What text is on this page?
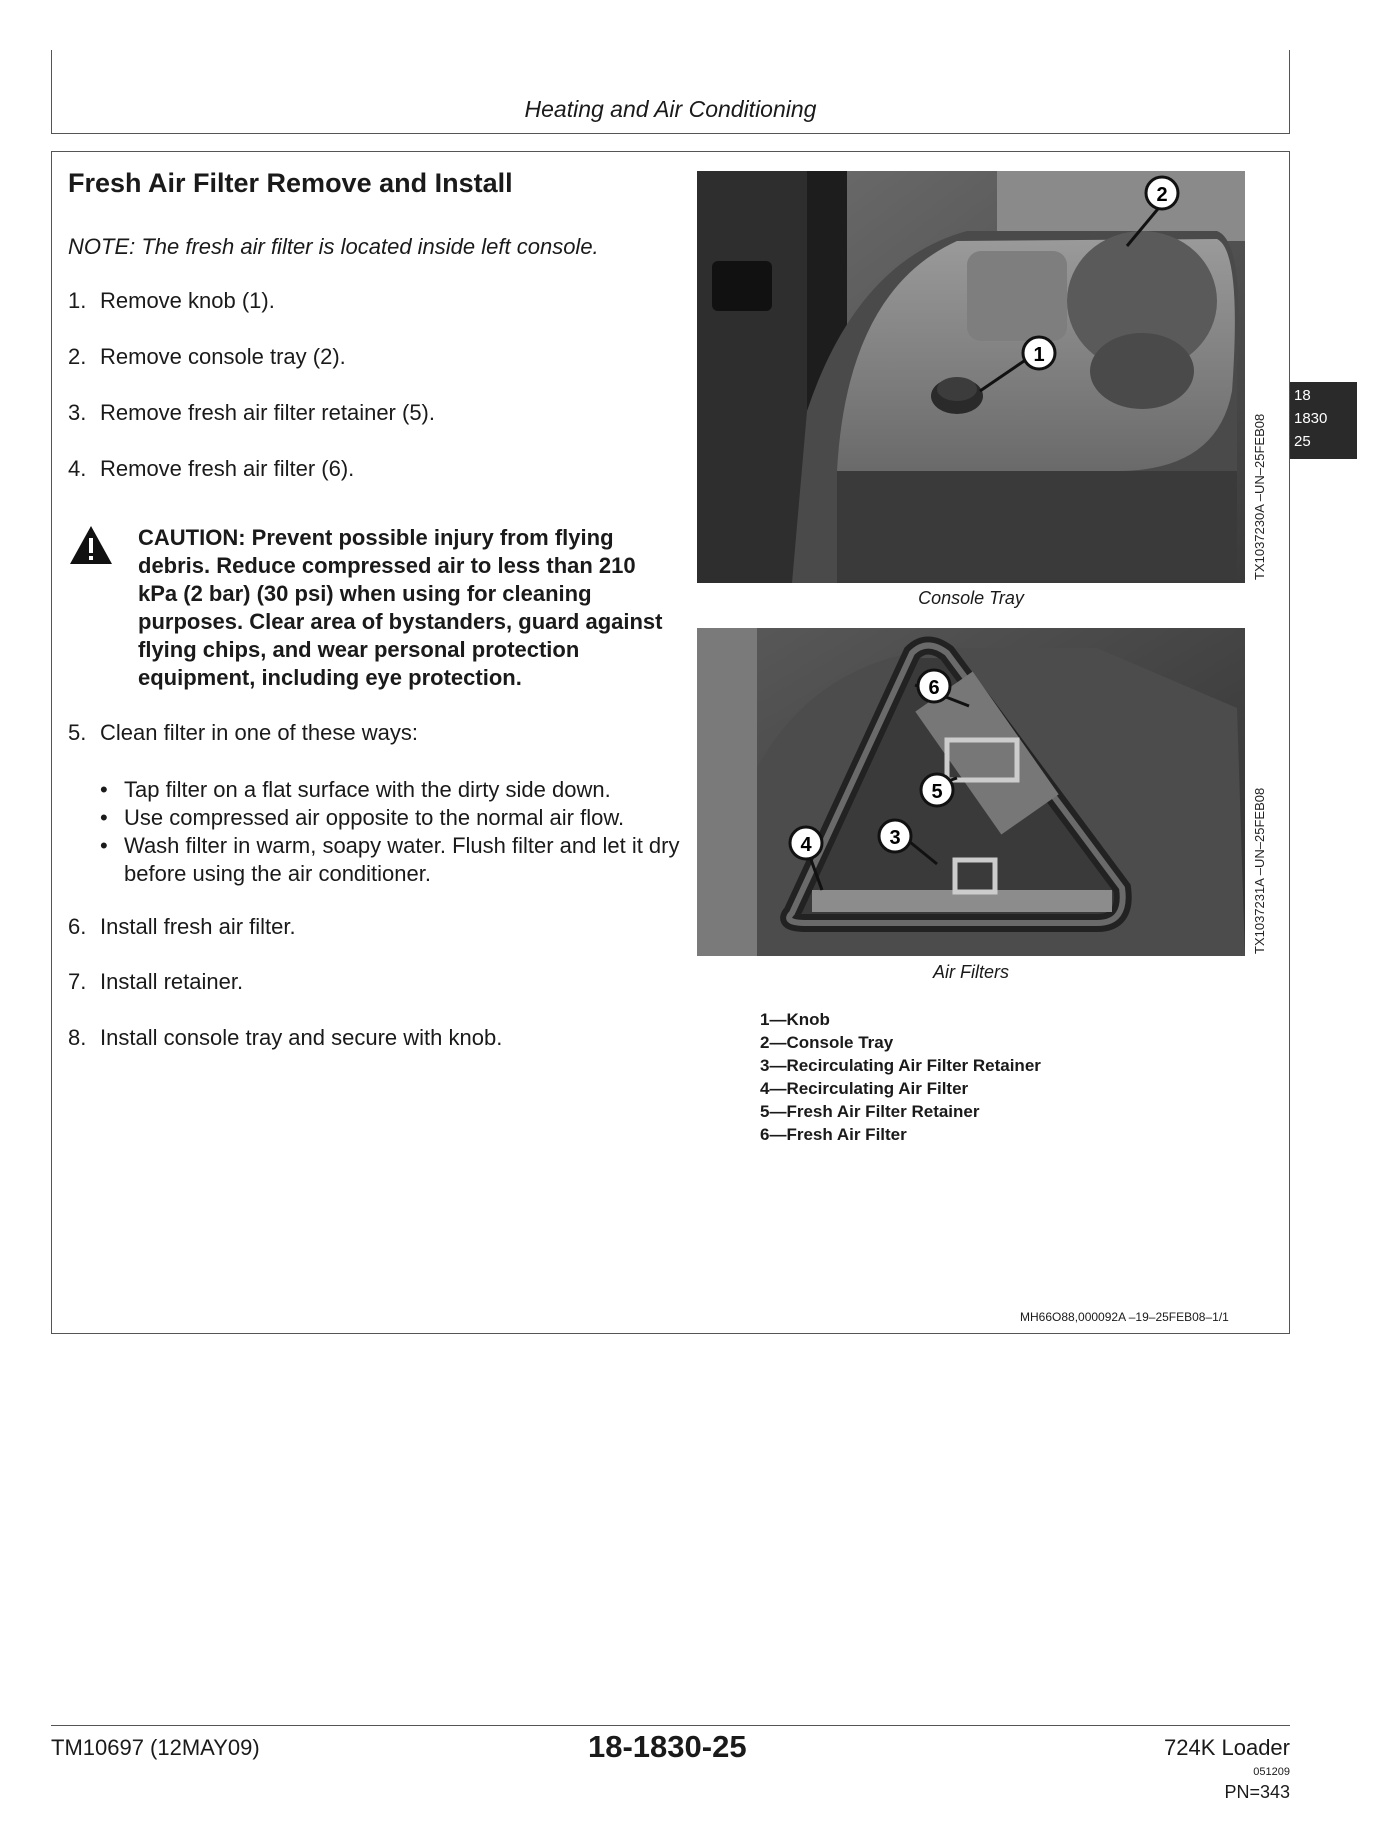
Heating and Air Conditioning
Fresh Air Filter Remove and Install
NOTE: The fresh air filter is located inside left console.
1. Remove knob (1).
2. Remove console tray (2).
3. Remove fresh air filter retainer (5).
4. Remove fresh air filter (6).
CAUTION: Prevent possible injury from flying debris. Reduce compressed air to less than 210 kPa (2 bar) (30 psi) when using for cleaning purposes. Clear area of bystanders, guard against flying chips, and wear personal protection equipment, including eye protection.
5. Clean filter in one of these ways:
• Tap filter on a flat surface with the dirty side down.
• Use compressed air opposite to the normal air flow.
• Wash filter in warm, soapy water. Flush filter and let it dry before using the air conditioner.
6. Install fresh air filter.
7. Install retainer.
8. Install console tray and secure with knob.
1
2
TX1037230A –UN–25FEB08
Console Tray
6
5
4	3	TX1037231A –UN–25FEB08
Air Filters
1—Knob
2—Console Tray
3—Recirculating Air Filter Retainer
4—Recirculating Air Filter
5—Fresh Air Filter Retainer
6—Fresh Air Filter
MH66O88,000092A –19–25FEB08–1/1
18
1830
25
TM10697 (12MAY09)	18-1830-25	724K Loader
051209
PN=343
